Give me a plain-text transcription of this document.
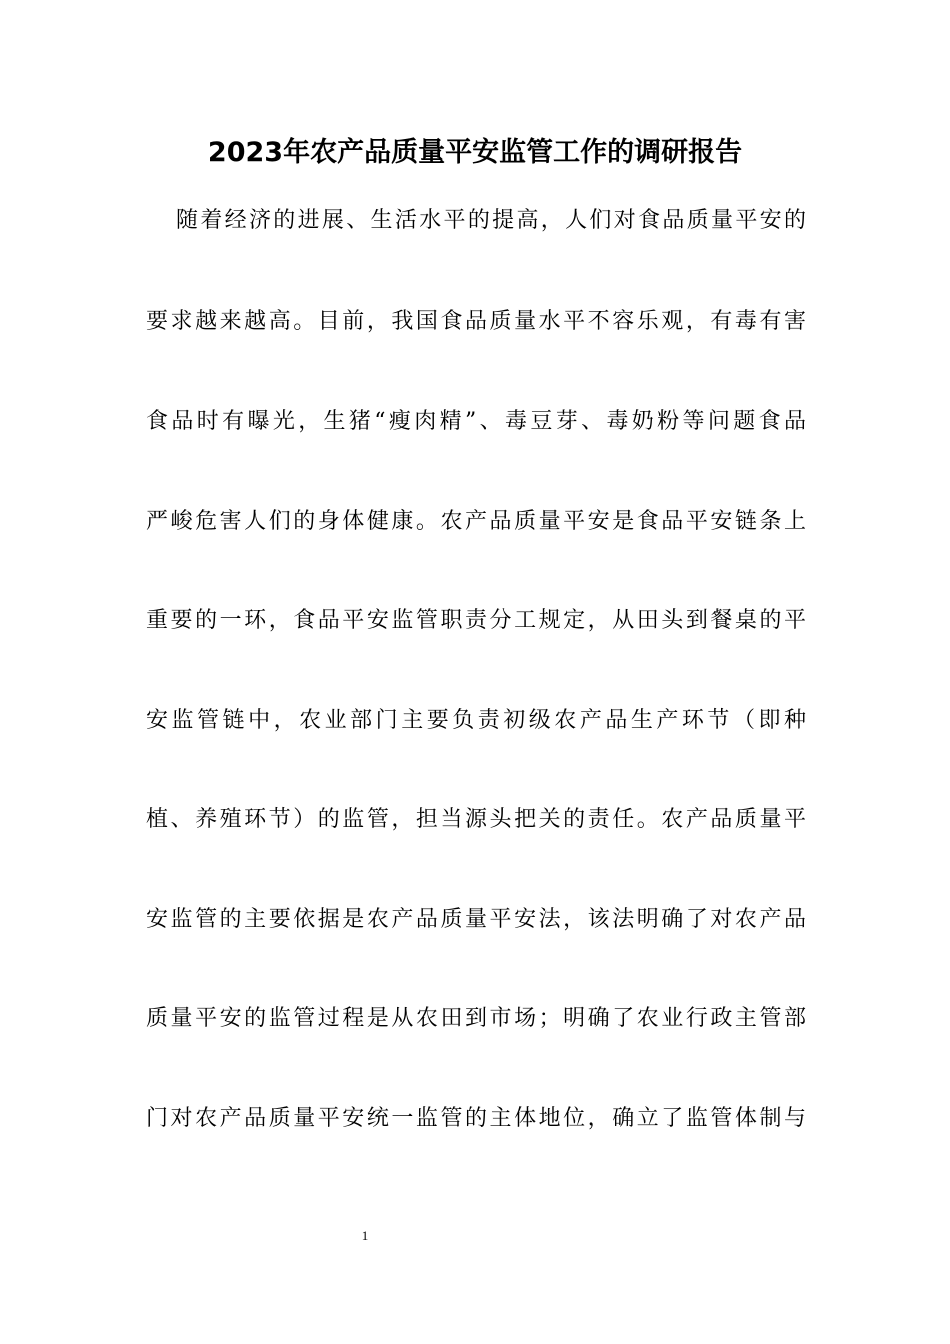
2023年农产品质量平安监管工作的调研报告
随着经济的进展、生活水平的提高，人们对食品质量平安的
要求越来越高。目前，我国食品质量水平不容乐观，有毒有害
食品时有曝光，生猪“瘦肉精”、毒豆芽、毒奶粉等问题食品
严峻危害人们的身体健康。农产品质量平安是食品平安链条上
重要的一环，食品平安监管职责分工规定，从田头到餐桌的平
安监管链中，农业部门主要负责初级农产品生产环节（即种
植、养殖环节）的监管，担当源头把关的责任。农产品质量平
安监管的主要依据是农产品质量平安法，该法明确了对农产品
质量平安的监管过程是从农田到市场；明确了农业行政主管部
门对农产品质量平安统一监管的主体地位，确立了监管体制与
1
